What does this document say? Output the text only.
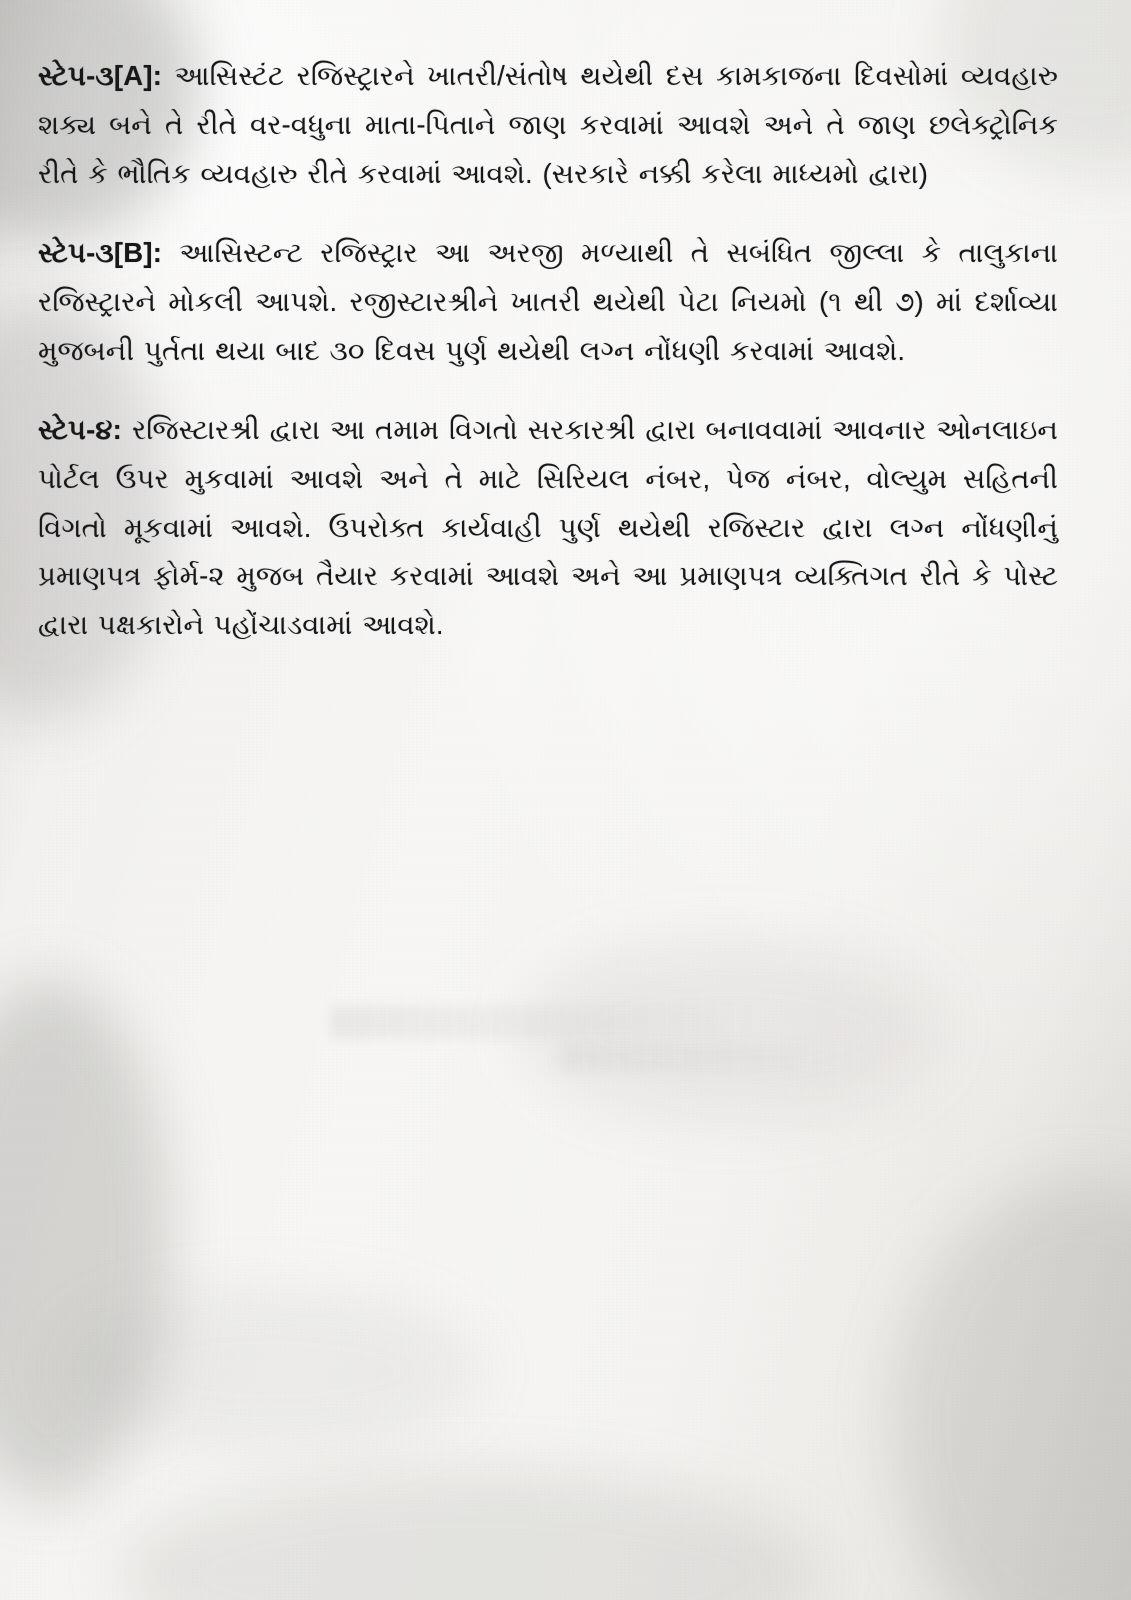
સ્ટેપ-૩[A]: આસિસ્ટંટ રજિસ્ટ્રારને ખાતરી/સંતોષ થયેથી દસ કામકાજના દિવસોમાં વ્યવહારુ શક્ય બને તે રીતે વર-વધુના માતા-પિતાને જાણ કરવામાં આવશે અને તે જાણ છલેક્ટ્રોનિક રીતે કે ભૌતિક વ્યવહારુ રીતે કરવામાં આવશે. (સરકારે નક્કી કરેલા માધ્યમો દ્વારા)

સ્ટેપ-૩[B]: આસિસ્ટન્ટ રજિસ્ટ્રાર આ અરજી મળ્યાથી તે સબંધિત જીલ્લા કે તાલુકાના રજિસ્ટ્રારને મોકલી આપશે. રજીસ્ટારશ્રીને ખાતરી થયેથી પેટા નિયમો (૧ થી ૭) માં દર્શાવ્યા મુજબની પુર્તતા થયા બાદ ૩૦ દિવસ પુર્ણ થયેથી લગ્ન નોંધણી કરવામાં આવશે.

સ્ટેપ-૪: રજિસ્ટારશ્રી દ્વારા આ તમામ વિગતો સરકારશ્રી દ્વારા બનાવવામાં આવનાર ઓનલાઇન પોર્ટલ ઉપર મુકવામાં આવશે અને તે માટે સિરિયલ નંબર, પેજ નંબર, વોલ્યુમ સહિતની વિગતો મૂકવામાં આવશે. ઉપરોક્ત કાર્યવાહી પુર્ણ થયેથી રજિસ્ટાર દ્વારા લગ્ન નોંધણીનું પ્રમાણપત્ર ફોર્મ-૨ મુજબ તૈયાર કરવામાં આવશે અને આ પ્રમાણપત્ર વ્યક્તિગત રીતે કે પોસ્ટ દ્વારા પક્ષકારોને પહોંચાડવામાં આવશે.
